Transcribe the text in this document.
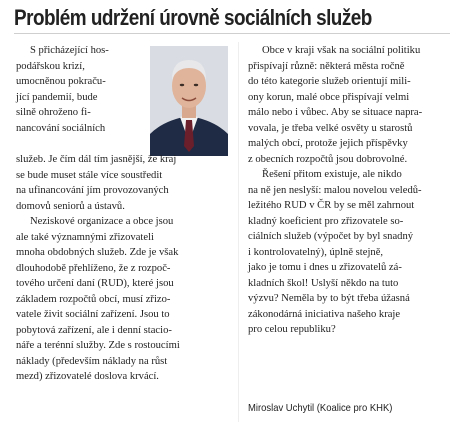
Problém udržení úrovně sociálních služeb
S přicházející hos-
podářskou krizí,
umocněnou pokraču-
jící pandemií, bude
silně ohroženo fi-
nancování sociálních
služeb. Je čím dál tím jasnější, že kraj
se bude muset stále více soustředit
na ufinancování jím provozovaných
domovů seniorů a ústavů.
Neziskové organizace a obce jsou
ale také významnými zřizovateli
mnoha obdobných služeb. Zde je však
dlouhodobě přehlíženo, že z rozpoč-
tového určení daní (RUD), které jsou
základem rozpočtů obcí, musí zřizo-
vatele živit sociální zařízení. Jsou to
pobytová zařízení, ale i denní stacio-
náře a terénní služby. Zde s rostoucími
náklady (především náklady na růst
mezd) zřizovatelé doslova krvácí.
Obce v kraji však na sociální politiku
přispívají různě: některá města ročně
do této kategorie služeb orientují mili-
ony korun, malé obce přispívají velmi
málo nebo i vůbec. Aby se situace naprа-
vovala, je třeba velké osvěty u starostů
malých obcí, protože jejich příspěvky
z obecních rozpočtů jsou dobrovolné.
Řešení přitom existuje, ale nikdo
na ně jen neslyší: malou novelou veledů-
ležitého RUD v ČR by se měl zahrnout
kladný koeficient pro zřizovatele so-
ciálních služeb (výpočet by byl snadný
i kontrolovatelný), úplně stejně,
jako je tomu i dnes u zřizovatelů zá-
kladních škol! Uslyší někdo na tuto
výzvu? Neměla by to být třeba úžasná
zákonodárná iniciativa našeho kraje
pro celou republiku?
Miroslav Uchytil (Koalice pro KHK)
